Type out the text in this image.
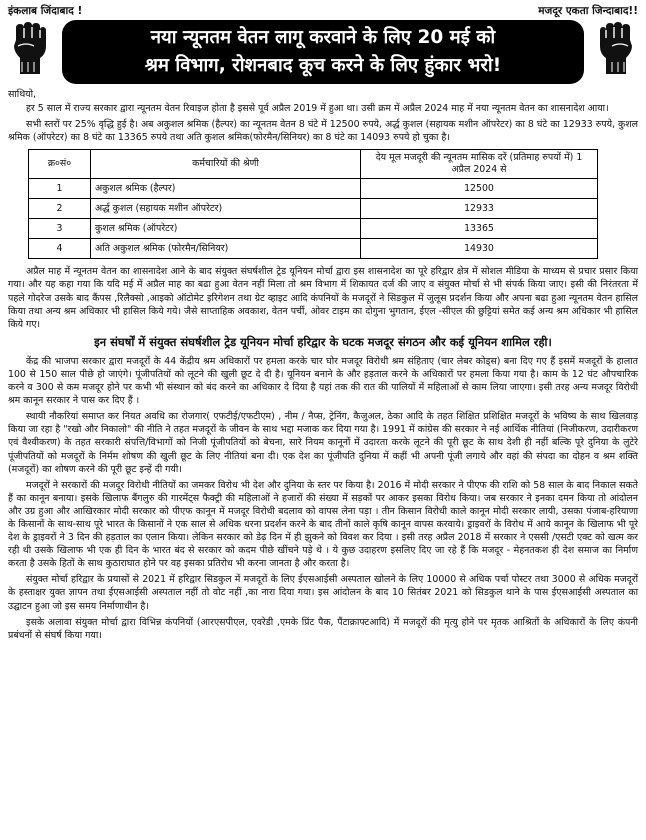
इंकलाब जिंदाबाद !	मजदूर एकता जिन्दाबाद!!
नया न्यूनतम वेतन लागू करवाने के लिए 20 मई को
श्रम विभाग, रोशनबाद कूच करने के लिए हुंकार भरो!

साथियो,

हर 5 साल में राज्य सरकार द्वारा न्यूनतम वेतन रिवाइज होता है इससे पूर्व अप्रैल 2019 में हुआ था। उसी क्रम में अप्रैल 2024 माह में नया न्यूनतम वेतन का शासनादेश आया।

सभी स्तरों पर 25% वृद्धि हुई है। अब अकुशल श्रमिक (हैल्पर) का न्यूनतम वेतन 8 घंटे में 12500 रुपये, अर्द्ध कुशल (सहायक मशीन ऑपरेटर) का 8 घंटे का 12933 रुपये, कुशल श्रमिक (ऑपरेटर) का 8 घंटे का 13365 रुपये तथा अति कुशल श्रमिक(फोरमैन/सिनियर) का 8 घंटे का 14093 रुपये हो चुका है।

क्र०सं०	कर्मचारियों की श्रेणी	देय मूल मजदूरी की न्यूनतम मासिक दरें (प्रतिमाह रुपयों में) 1 अप्रैल 2024 से
1	अकुशल श्रमिक (हैल्पर)	12500
2	अर्द्ध कुशल (सहायक मशीन ऑपरेटर)	12933
3	कुशल श्रमिक (ऑपरेटर)	13365
4	अति अकुशल श्रमिक (फोरमैन/सिनियर)	14930

अप्रैल माह में न्यूनतम वेतन का शासनादेश आने के बाद संयुक्त संघर्षशील ट्रेड यूनियन मोर्चा द्वारा इस शासनादेश का पूरे हरिद्वार क्षेत्र में सोशल मीडिया के माध्यम से प्रचार प्रसार किया गया। और यह कहा गया कि यदि मई में अप्रैल माह का बढा हुआ वेतन नहीं मिला तो श्रम विभाग में शिकायत दर्ज की जाए व संयुक्त मोर्चा से भी संपर्क किया जाए। इसी की निरंतरता में पहले गोदरेज उसके बाद कैंपस ,रिलैक्सो ,आइको ऑटोमेट इरिगेशन तथा ग्रेट व्हाइट आदि कंपनियों के मजदूरों ने सिडकुल में जुलूस प्रदर्शन किया और अपना बढा हुआ न्यूनतम वेतन हासिल किया तथा अन्य श्रम अधिकार भी हासिल किये गये। जैसे साप्ताहिक अवकाश, वेतन पर्ची, ओवर टाइम का दोगुना भुगतान, ईएल -सीएल की छुट्टियां समेत कई अन्य श्रम अधिकार भी हासिल किये गए।

इन संघर्षों में संयुक्त संघर्षशील ट्रेड यूनियन मोर्चा हरिद्वार के घटक मजदूर संगठन और कई यूनियन शामिल रही।

केंद्र की भाजपा सरकार द्वारा मजदूरों के 44 केंद्रीय श्रम अधिकारों पर हमला करके चार घोर मजदूर विरोधी श्रम संहिताए (चार लेबर कोड्स) बना दिए गए हैं इसमें मजदूरों के हालात 100 से 150 साल पीछे हो जाएंगे। पूंजीपतियों को लूटने की खुली छूट दे दी है। यूनियन बनाने के और हड़ताल करने के अधिकारों पर हमला किया गया है। काम के 12 घंट औपचारिक करने व 300 से कम मजदूर होने पर कभी भी संस्थान को बंद करने का अधिकार दे दिया है यहां तक की रात की पालियों में महिलाओं से काम लिया जाएगा। इसी तरह अन्य मजदूर विरोधी श्रम कानून सरकार ने पास कर दिए हैं ।

स्थायी नौकरियां समाप्त कर नियत अवधि का रोजगार( एफटीई/एफटीएम) , नीम / नैप्स, ट्रेनिंग, कैजुअल, ठेका आदि के तहत शिक्षित प्रशिक्षित मजदूरों के भविष्य के साथ खिलवाड़ किया जा रहा है "रखो और निकालो" की नीति ने तहत मजदूरों के जीवन के साथ भद्दा मजाक कर दिया गया है। 1991 में कांग्रेस की सरकार ने नई आर्थिक नीतियां (निजीकरण, उदारीकरण एवं वैश्वीकरण) के तहत सरकारी संपत्ति/विभागों को निजी पूंजीपतियों को बेचना, सारे नियम कानूनों में उदारता करके लूटने की पूरी छूट के साथ देशी ही नहीं बल्कि पूरे दुनिया के लुटेरे पूंजीपतियों को मजदूरों के निर्मम शोषण की खुली छूट के लिए नीतियां बना दी। एक देश का पूंजीपति दुनिया में कहीं भी अपनी पूंजी लगाये और वहां की संपदा का दोहन व श्रम शक्ति (मजदूरों) का शोषण करने की पूरी छूट इन्हें दी गयी।

मजदूरों ने सरकारों की मजदूर विरोधी नीतियों का जमकर विरोध भी देश और दुनिया के स्तर पर किया है। 2016 में मोदी सरकार ने पीएफ की राशि को 58 साल के बाद निकाल सकते हैं का कानून बनाया। इसके खिलाफ बैंगलुरु की गारमेंट्स फैक्ट्री की महिलाओं ने हजारों की संख्या में सड़कों पर आकर इसका विरोध किया। जब सरकार ने इनका दमन किया तो आंदोलन और उग्र हुआ और आखिरकार मोदी सरकार को पीएफ कानून में मजदूर विरोधी बदलाव को वापस लेना पड़ा । तीन किसान विरोधी काले कानून मोदी सरकार लायी, उसका पंजाब-हरियाणा के किसानों के साथ-साथ पूरे भारत के किसानों ने एक साल से अधिक धरना प्रदर्शन करने के बाद तीनों काले कृषि कानून वापस करवाये। ड्राइवरों के विरोध में आये कानून के खिलाफ भी पूरे देश के ड्राइवरों ने 3 दिन की हड़ताल का एलान किया। लेकिन सरकार को डेढ़ दिन में ही झुकने को विवश कर दिया । इसी तरह अप्रैल 2018 में सरकार ने एससी /एसटी एक्ट को खत्म कर रही थी उसके खिलाफ भी एक ही दिन के भारत बंद से सरकार को कदम पीछे खींचने पड़े थे । ये कुछ उदाहरण इसलिए दिए जा रहे हैं कि मजदूर - मेहनतकश ही देश समाज का निर्माण करता है उसके हितों के साथ कुठाराघात होने पर वह इसका प्रतिरोध भी करना जानता है और करता है।

संयुक्त मोर्चा हरिद्वार के प्रयासों से 2021 में हरिद्वार सिडकुल में मजदूरों के लिए ईएसआईसी अस्पताल खोलने के लिए 10000 से अधिक पर्चा पोस्टर तथा 3000 से अधिक मजदूरों के हस्ताक्षर युक्त ज्ञापन तथा ईएसआईसी अस्पताल नहीं तो वोट नहीं ,का नारा दिया गया। इस आंदोलन के बाद 10 सितंबर 2021 को सिडकुल थाने के पास ईएसआईसी अस्पताल का उद्घाटन हुआ जो इस समय निर्माणाधीन है।

इसके अलावा संयुक्त मोर्चा द्वारा विभिन्न कंपनियों (आरएसपीएल, एवरेडी ,एमके प्रिंट पैक, पैंटाक्राफ्टआदि) में मजदूरों की मृत्यु होने पर मृतक आश्रितों के अधिकारों के लिए कंपनी प्रबंधनों से संघर्ष किया गया।
